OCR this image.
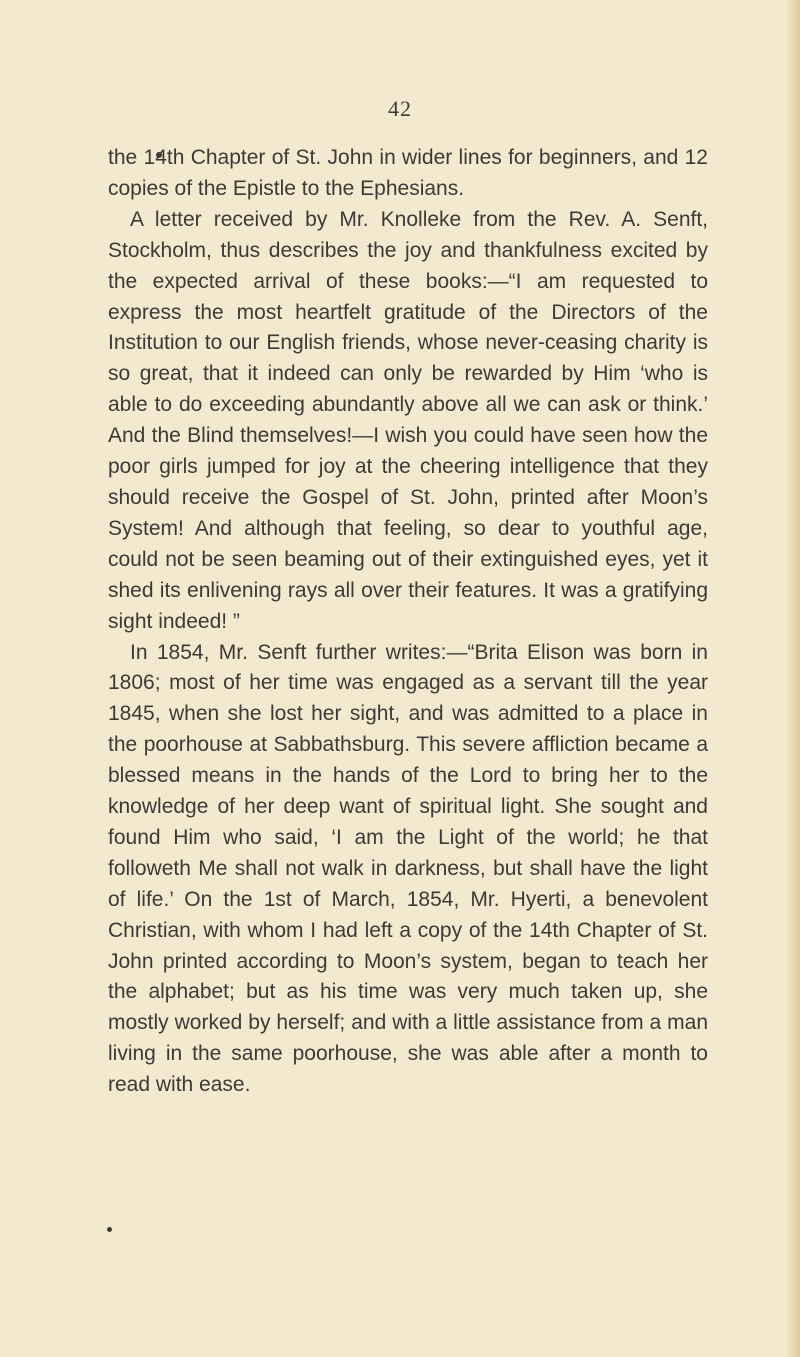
42

the 14th Chapter of St. John in wider lines for beginners, and 12 copies of the Epistle to the Ephesians.

A letter received by Mr. Knolleke from the Rev. A. Senft, Stockholm, thus describes the joy and thankfulness excited by the expected arrival of these books:—“I am requested to express the most heartfelt gratitude of the Directors of the Institution to our English friends, whose never-ceasing charity is so great, that it indeed can only be rewarded by Him ‘who is able to do exceeding abundantly above all we can ask or think.’ And the Blind themselves!—I wish you could have seen how the poor girls jumped for joy at the cheering intelligence that they should receive the Gospel of St. John, printed after Moon’s System! And although that feeling, so dear to youthful age, could not be seen beaming out of their extinguished eyes, yet it shed its enlivening rays all over their features. It was a gratifying sight indeed! ”

In 1854, Mr. Senft further writes:—“Brita Elison was born in 1806; most of her time was engaged as a servant till the year 1845, when she lost her sight, and was admitted to a place in the poorhouse at Sabbathsburg. This severe affliction became a blessed means in the hands of the Lord to bring her to the knowledge of her deep want of spiritual light. She sought and found Him who said, ‘I am the Light of the world; he that followeth Me shall not walk in darkness, but shall have the light of life.’ On the 1st of March, 1854, Mr. Hyerti, a benevolent Christian, with whom I had left a copy of the 14th Chapter of St. John printed according to Moon’s system, began to teach her the alphabet; but as his time was very much taken up, she mostly worked by herself; and with a little assistance from a man living in the same poorhouse, she was able after a month to read with ease.
